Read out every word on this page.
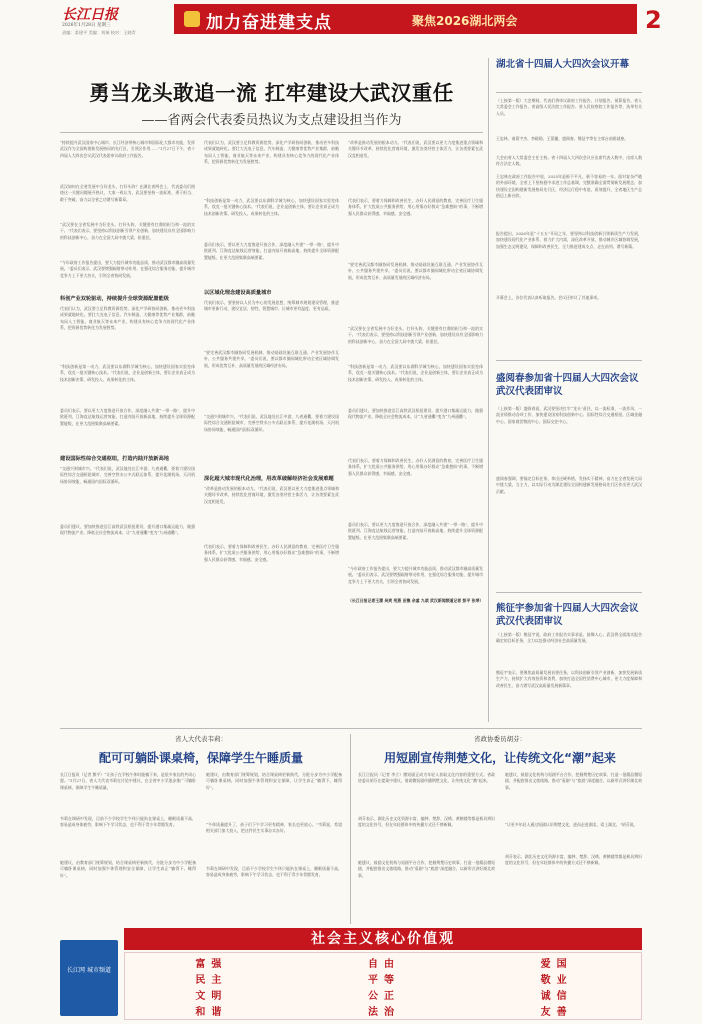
长江日报
2026年1月28日 星期三
责编：姜建平 美编：刘瑞 校对：王晓青	加力奋进建支点	聚焦2026湖北两会	2
勇当龙头敢追一流 扛牢建设大武汉重任
——省两会代表委员热议为支点建设担当作为

“持续提升武汉国家中心城市、长江经济带核心城市和国际化大都市功能，发挥武汉作为全国构建新发展格局的先行区、引领区作用……”1月27日下午，省十四届人大四次会议武汉代表团审议政府工作报告。

武汉如何在全省发展中当好龙头、打好头阵？在湖北省两会上，代表委员们围绕这一关键问题展开热议，大家一致认为，武汉要坚持一流标准，勇于担当、敢于突破，奋力以全省之功谱写新篇章。

“武汉要在全省发展中当好龙头、打好头阵，关键要有扛鼎的担当和一流的实干。”代表们表示，要坚持以科技创新引领产业创新，加快建设具有全国影响力的科技创新中心，奋力在全国大局中挑大梁、担重任。

“今年政府工作报告提出，要大力提升城市功能品质，推动武汉都市圈高质量发展。”委员们表示，武汉要增强辐射带动作用，在强化综合服务功能、提升城市竞争力上下更大功夫，引领全省协同发展。

科创产业双轮驱动，持续提升全球资源配置能级

代表们认为，武汉要立足科教资源优势，深化产学研协同创新，推动更多科技成果就地转化。要壮大光电子信息、汽车制造、大健康等优势产业集群，前瞻布局人工智能、商业航天等未来产业，构建具有核心竞争力的现代化产业体系，把资源优势转化为发展胜势。

“科技创新是第一动力，武汉要以东湖科学城为核心，加快建设国家实验室体系，攻克一批关键核心技术。”代表们说，企业是创新主体，要让企业真正成为技术创新决策、研发投入、成果转化的主体。

委员们表示，要以更大力度推进开放合作，深度融入共建“一带一路”，提升中欧班列、江海直达航线运营效能，打造内陆开放新高地，持续提升全球资源配置能级，在更大范围集聚高端要素。

建设国际性综合交通枢纽，打造内陆开放新高地

“交通兴则城市兴。”代表们说，武汉地处长江中游、九省通衢，要着力建设国际性综合交通枢纽城市，完善空铁水公多式联运体系，提升花湖机场、天河机场协同效能，畅通国内国际双循环。

委员们建议，要加快推进沿江高铁武汉枢纽建设，提升港口集疏运能力，做强现代物流产业，降低全社会物流成本，让“九省通衢”变为“九州通衢”。

代表们认为，武汉要立足科教资源优势，深化产学研协同创新，推动更多科技成果就地转化。要壮大光电子信息、汽车制造、大健康等优势产业集群，前瞻布局人工智能、商业航天等未来产业，构建具有核心竞争力的现代化产业体系，把资源优势转化为发展胜势。

“科技创新是第一动力，武汉要以东湖科学城为核心，加快建设国家实验室体系，攻克一批关键核心技术。”代表们说，企业是创新主体，要让企业真正成为技术创新决策、研发投入、成果转化的主体。

委员们表示，要以更大力度推进开放合作，深度融入共建“一带一路”，提升中欧班列、江海直达航线运营效能，打造内陆开放新高地，持续提升全球资源配置能级，在更大范围集聚高端要素。

以区域化理念建设高质量城市

代表们表示，要坚持以人民为中心的发展思想，统筹城市规划建设管理，推进城市更新行动，建设宜居、韧性、智慧城市，让城市更有温度、更有品质。

“要完善武汉都市圈协同发展机制，推动基础设施互联互通、产业发展协作互补、公共服务共建共享。”委员们说，要以都市圈同城化带动全省区域协调发展，形成优势互补、高质量发展的区域经济布局。

“交通兴则城市兴。”代表们说，武汉地处长江中游、九省通衢，要着力建设国际性综合交通枢纽城市，完善空铁水公多式联运体系，提升花湖机场、天河机场协同效能，畅通国内国际双循环。

深化超大城市现代化治理，用改革破解经济社会发展难题

“改革是推动发展的根本动力。”代表们说，武汉要以更大力度推进重点领域和关键环节改革，持续优化营商环境，激发各类经营主体活力，让各类要素在武汉竞相迸发。

代表们表示，要着力保障和改善民生，办好人民满意的教育，完善医疗卫生服务体系，扩大优质公共服务供给，用心用情办好群众“急难愁盼”的事，不断增强人民群众获得感、幸福感、安全感。

“改革是推动发展的根本动力。”代表们说，武汉要以更大力度推进重点领域和关键环节改革，持续优化营商环境，激发各类经营主体活力，让各类要素在武汉竞相迸发。

代表们表示，要着力保障和改善民生，办好人民满意的教育，完善医疗卫生服务体系，扩大优质公共服务供给，用心用情办好群众“急难愁盼”的事，不断增强人民群众获得感、幸福感、安全感。

“要完善武汉都市圈协同发展机制，推动基础设施互联互通、产业发展协作互补、公共服务共建共享。”委员们说，要以都市圈同城化带动全省区域协调发展，形成优势互补、高质量发展的区域经济布局。

“武汉要在全省发展中当好龙头、打好头阵，关键要有扛鼎的担当和一流的实干。”代表们表示，要坚持以科技创新引领产业创新，加快建设具有全国影响力的科技创新中心，奋力在全国大局中挑大梁、担重任。

“科技创新是第一动力，武汉要以东湖科学城为核心，加快建设国家实验室体系，攻克一批关键核心技术。”代表们说，企业是创新主体，要让企业真正成为技术创新决策、研发投入、成果转化的主体。

委员们建议，要加快推进沿江高铁武汉枢纽建设，提升港口集疏运能力，做强现代物流产业，降低全社会物流成本，让“九省通衢”变为“九州通衢”。

代表们表示，要着力保障和改善民生，办好人民满意的教育，完善医疗卫生服务体系，扩大优质公共服务供给，用心用情办好群众“急难愁盼”的事，不断增强人民群众获得感、幸福感、安全感。

委员们表示，要以更大力度推进开放合作，深度融入共建“一带一路”，提升中欧班列、江海直达航线运营效能，打造内陆开放新高地，持续提升全球资源配置能级，在更大范围集聚高端要素。

“今年政府工作报告提出，要大力提升城市功能品质，推动武汉都市圈高质量发展。”委员们表示，武汉要增强辐射带动作用，在强化综合服务功能、提升城市竞争力上下更大功夫，引领全省协同发展。

（长江日报记者王潇 吴爽 苑燕 田豫 余睿 九颂 武汉新闻频道记者 彭平 张琴）

湖北省十四届人大四次会议开幕

（上接第一版）大会期间，代表们将审议政府工作报告、计划报告、预算报告、省人大常委会工作报告、省高级人民法院工作报告、省人民检察院工作报告等，选举有关人员。

王忠林、诸葛宇杰、李殿勋、王蒙徽、盛阅春、熊征宇等在主席台前排就座。

大会由省人大常委会主任主持。省十四届人大四次会议应出席代表人数中，出席人数符合法定人数。

王忠林在政府工作报告中说，2025年是极不平凡、极不容易的一年。面对复杂严峻的外部环境，全省上下坚持稳中求进工作总基调，完整准确全面贯彻新发展理念，加快建设全国构建新发展格局先行区，经济运行稳中有进、质效提升，全省地区生产总值迈上新台阶。

报告提出，2026年是“十五五”开局之年，要坚持以科技创新引领新质生产力发展，加快建设现代化产业体系，着力扩大内需，深化改革开放，推动城乡区域协调发展，加强生态文明建设，保障和改善民生，全力推进建成支点、走在前列、谱写新篇。

开幕会上，各位代表认真听取报告。会议还审议了其他事项。

盛阅春参加省十四届人大四次会议武汉代表团审议

（上接第一版）盛阅春说，武汉要坚决扛牢“龙头”责任，以一流标准、一流作风、一流业绩推动各项工作，加快建设国家科技创新中心、国际性综合交通枢纽、区域金融中心、国家商贸物流中心、国际交往中心。

盛阅春强调，要锚定目标任务，拿出过硬举措，发扬实干精神，奋力在全省发展大局中挑大梁、当主力，以实际行动为湖北建设全国构建新发展格局先行区作出更大武汉贡献。

熊征宇参加省十四届人大四次会议武汉代表团审议

（上接第一版）熊征宇说，政府工作报告实事求是、鼓舞人心，武汉将全面落实报告确定的目标任务，全力以赴推动经济社会高质量发展。

熊征宇表示，要聚焦高质量发展首要任务，以科技创新引领产业创新，加快发展新质生产力，持续扩大有效投资和消费，加快打造全国性消费中心城市，更大力度保障和改善民生，奋力谱写武汉高质量发展新篇章。

省人大代表韦莉：
配可可躺卧课桌椅，保障学生午睡质量

长江日报讯（记者 熊平）“让孩子在学校午休时能躺下来，是很多家长的共同心愿。”1月27日，省人大代表韦莉在讨论中建议，在全省中小学逐步推广可躺卧课桌椅，保障学生午睡质量。

韦莉在调研中发现，目前不少学校学生午休只能趴在课桌上，睡眠质量不高，容易造成身体疲劳，影响下午学习状态，也不利于青少年骨骼发育。

她建议，由教育部门统筹规划，结合课桌椅更新换代，分批分步为中小学配备可躺卧课桌椅，同时加强午休管理和安全保障，让学生真正“躺得下、睡得好”。

她建议，由教育部门统筹规划，结合课桌椅更新换代，分批分步为中小学配备可躺卧课桌椅，同时加强午休管理和安全保障，让学生真正“躺得下、睡得好”。

“午休质量提升了，孩子们下午学习更有精神，家长也更放心。”韦莉说，希望相关部门加大投入，把这件民生实事办实办好。

韦莉在调研中发现，目前不少学校学生午休只能趴在课桌上，睡眠质量不高，容易造成身体疲劳，影响下午学习状态，也不利于青少年骨骼发育。

省政协委员胡芬：
用短剧宣传荆楚文化，让传统文化“潮”起来

长江日报讯（记者 李立）微短剧正成为年轻人获取文化内容的重要方式。省政协委员胡芬在提案中建议，借助微短剧传播荆楚文化，让传统文化“潮”起来。

胡芬表示，湖北历史文化资源丰富，编钟、楚辞、汉绣、黄鹤楼等都是极具辨识度的文化符号，但在年轻群体中的传播方式还不够新颖。

她建议，鼓励文化机构与短剧平台合作，挖掘荆楚历史故事，打造一批精品微短剧，并配套推出文旅线路，推动“看剧”与“旅游”深度融合，以新形式讲好湖北故事。

她建议，鼓励文化机构与短剧平台合作，挖掘荆楚历史故事，打造一批精品微短剧，并配套推出文旅线路，推动“看剧”与“旅游”深度融合，以新形式讲好湖北故事。

“让更多年轻人通过短剧认识荆楚文化，进而走进湖北、爱上湖北。”胡芬说。

胡芬表示，湖北历史文化资源丰富，编钟、楚辞、汉绣、黄鹤楼等都是极具辨识度的文化符号，但在年轻群体中的传播方式还不够新颖。

长江网 城市频道
社会主义核心价值观
富强	自由	爱国
民主	平等	敬业
文明	公正	诚信
和谐	法治	友善
